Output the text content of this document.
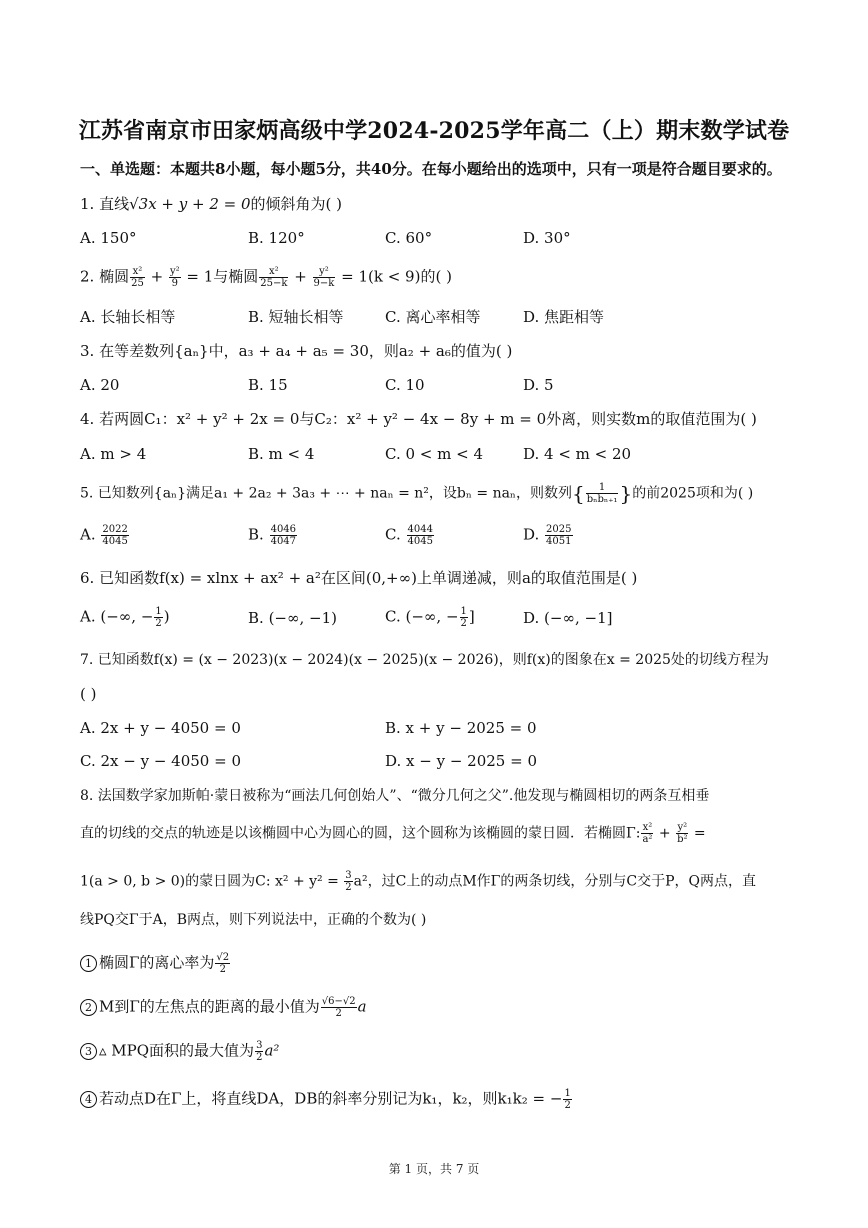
江苏省南京市田家炳高级中学2024-2025学年高二（上）期末数学试卷
一、单选题：本题共8小题，每小题5分，共40分。在每小题给出的选项中，只有一项是符合题目要求的。
1. 直线√3x + y + 2 = 0的倾斜角为( )
A. 150°	B. 120°	C. 60°	D. 30°
2. 椭圆 $\frac{\text{x²}}{25} + \frac{\text{y²}}{9} = 1$与椭圆 $\frac{\text{x²}}{25-k} + \frac{\text{y²}}{9-k} = 1(k < 9)$的( )
A. 长轴长相等	B. 短轴长相等	C. 离心率相等	D. 焦距相等
3. 在等差数列{aₙ}中，a₃ + a₄ + a₅ = 30，则a₂ + a₆的值为( )
A. 20	B. 15	C. 10	D. 5
4. 若两圆C₁：x² + y² + 2x = 0与C₂：x² + y² − 4x − 8y + m = 0外离，则实数m的取值范围为( )
A. m > 4	B. m < 4	C. 0 < m < 4	D. 4 < m < 20
5. 已知数列{aₙ}满足a₁ + 2a₂ + 3a₃ + ⋯ + naₙ = n²，设bₙ = naₙ，则数列{ $\frac{1}{\text{bₙbₙ₊₁}}$ }的前2025项和为( )
A. $\frac{2022}{4045}$	B. $\frac{4046}{4047}$	C. $\frac{4044}{4045}$	D. $\frac{2025}{4051}$
6. 已知函数f(x) = xlnx + ax² + a²在区间(0,+∞)上单调递减，则a的取值范围是( )
A. (−∞, − $\frac{1}{2}$ )	B. (−∞, −1)	C. (−∞, − $\frac{1}{2}$ ]	D. (−∞, −1]
7. 已知函数f(x) = (x − 2023)(x − 2024)(x − 2025)(x − 2026)，则f(x)的图象在x = 2025处的切线方程为
( )
A. 2x + y − 4050 = 0	B. x + y − 2025 = 0
C. 2x − y − 4050 = 0	D. x − y − 2025 = 0
8. 法国数学家加斯帕·蒙日被称为“画法几何创始人”、“微分几何之父”.他发现与椭圆相切的两条互相垂
直的切线的交点的轨迹是以该椭圆中心为圆心的圆，这个圆称为该椭圆的蒙日圆．若椭圆Γ: $\frac{\text{x²}}{\text{a²}} + \frac{\text{y²}}{\text{b²}}$ =
1(a > 0, b > 0)的蒙日圆为C: $x^2 + y^2 = \frac{3}{2} a^2$，过C上的动点M作Γ的两条切线，分别与C交于P，Q两点，直
线PQ交Γ于A，B两点，则下列说法中，正确的个数为( )
1 椭圆Γ的离心率为 $\frac{√2}{2}$
2 M到Γ的左焦点的距离的最小值为 $\frac{√6-√2}{2}$ a
3 ▵ MPQ面积的最大值为 $\frac{3}{2} a^2$
4 若动点D在Γ上，将直线DA，DB的斜率分别记为k₁，k₂，则k₁k₂ = − $\frac{1}{2}$
第 1 页，共 7 页
